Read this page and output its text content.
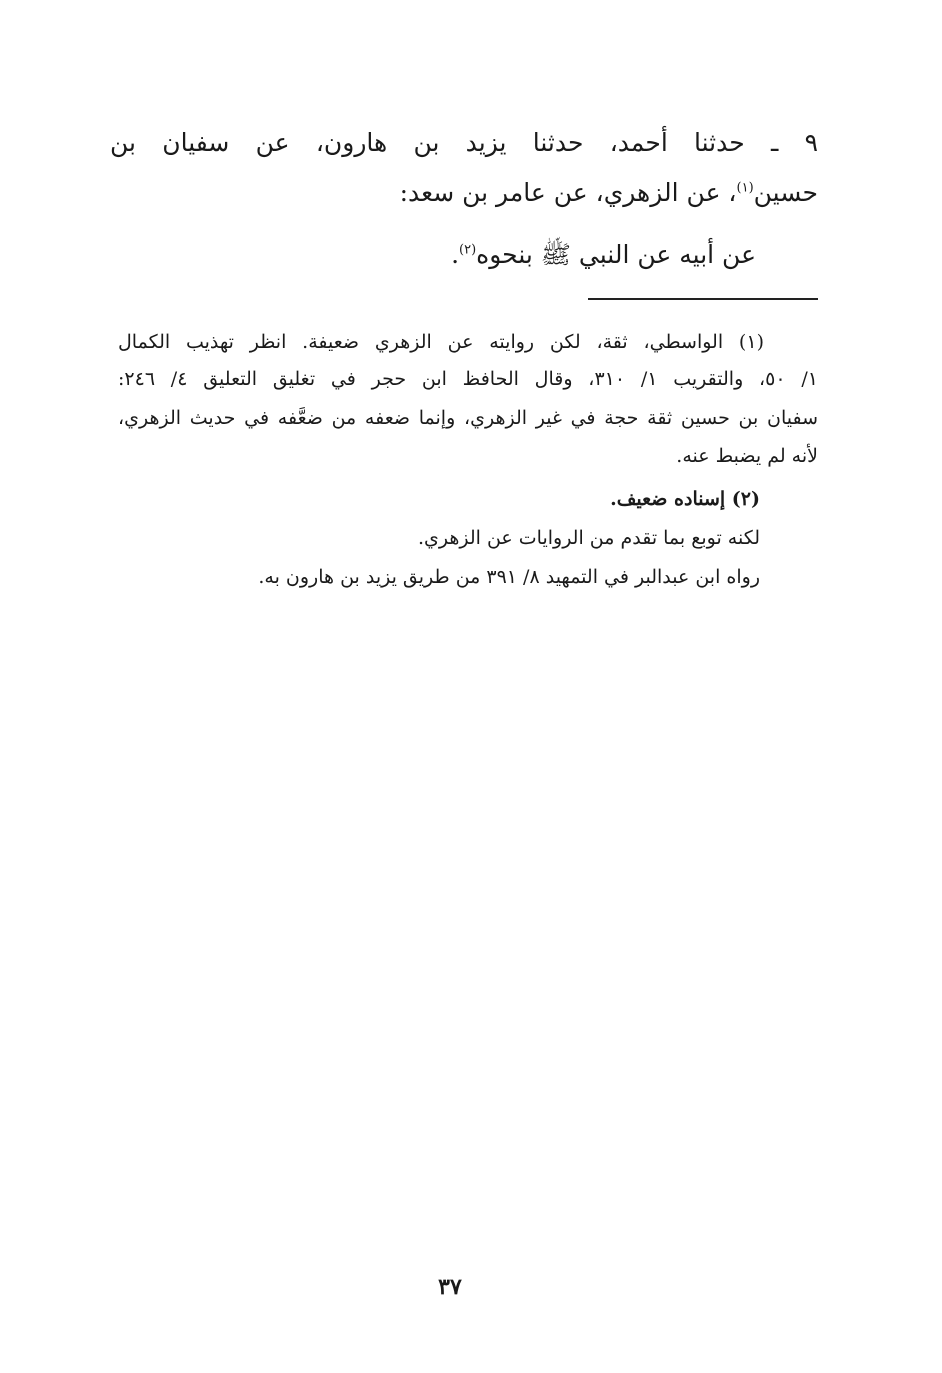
٩ ـ حدثنا أحمد، حدثنا يزيد بن هارون، عن سفيان بن
حسين$^{(١)}$، عن الزهري، عن عامر بن سعد:
عن أبيه عن النبي ﷺ بنحوه$^{(٢)}$.
(١) الواسطي، ثقة، لكن روايته عن الزهري ضعيفة. انظر تهذيب الكمال
١/ ٥٠، والتقريب ١/ ٣١٠، وقال الحافظ ابن حجر في تغليق التعليق ٤/ ٢٤٦:
سفيان بن حسين ثقة حجة في غير الزهري، وإنما ضعفه من ضعَّفه في حديث الزهري،
لأنه لم يضبط عنه.
(٢) إسناده ضعيف.
لكنه توبع بما تقدم من الروايات عن الزهري.
رواه ابن عبدالبر في التمهيد ٨/ ٣٩١ من طريق يزيد بن هارون به.
٣٧
